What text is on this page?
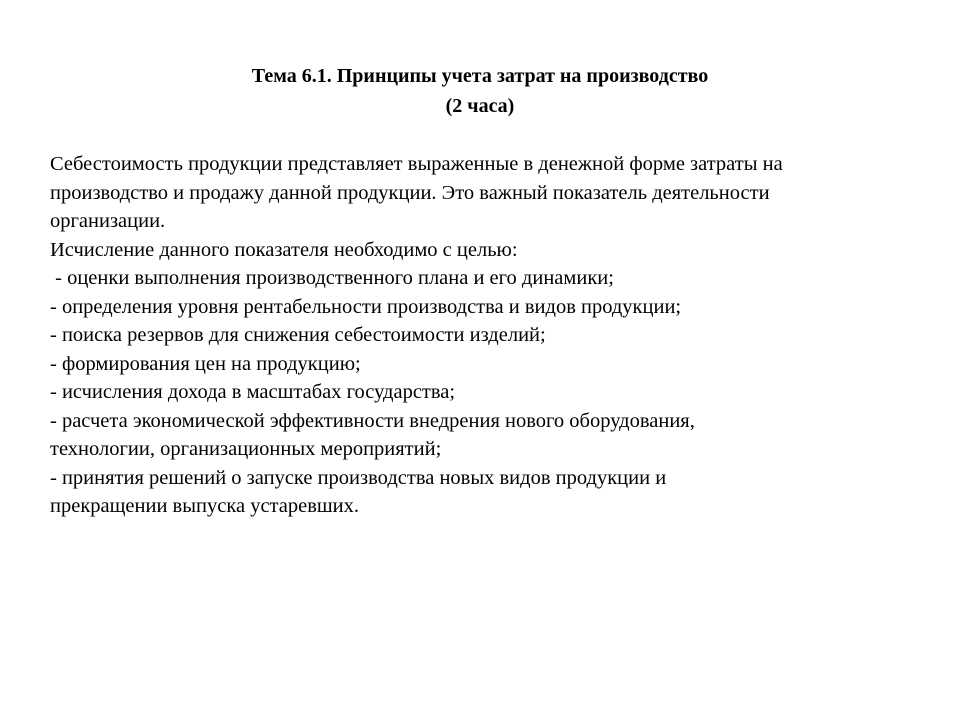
Тема 6.1. Принципы учета затрат на производство
(2 часа)
Себестоимость продукции представляет выраженные в денежной форме затраты на
производство и продажу данной продукции. Это важный показатель деятельности
организации.
Исчисление данного показателя необходимо с целью:
- оценки выполнения производственного плана и его динамики;
- определения уровня рентабельности производства и видов продукции;
- поиска резервов для снижения себестоимости изделий;
- формирования цен на продукцию;
- исчисления дохода в масштабах государства;
- расчета экономической эффективности внедрения нового оборудования,
технологии, организационных мероприятий;
- принятия решений о запуске производства новых видов продукции и
прекращении выпуска устаревших.
